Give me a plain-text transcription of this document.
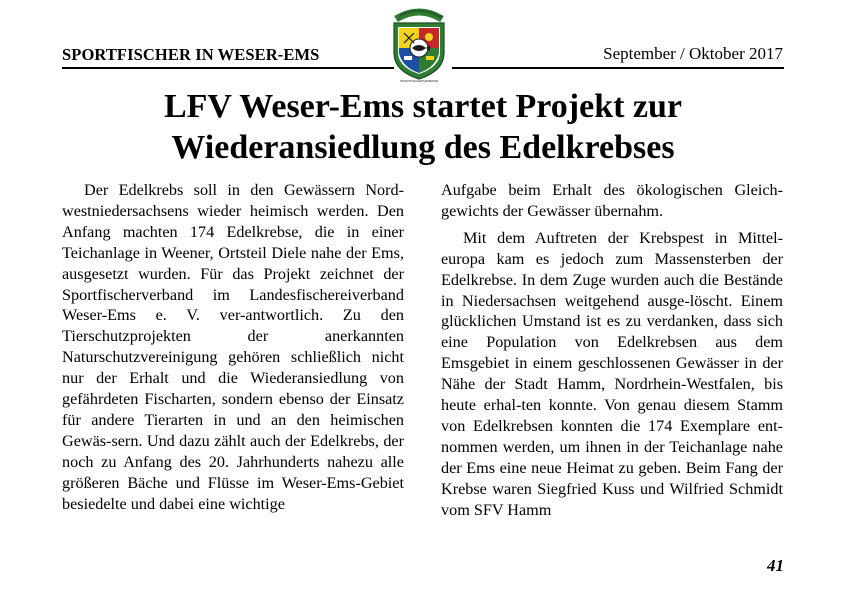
SPORTFISCHER IN WESER-EMS	September / Oktober 2017
LANDESFISCHEREIVERBAND
SPORTFISCHERVERBAND
LFV Weser-Ems startet Projekt zur
Wiederansiedlung des Edelkrebses

Der Edelkrebs soll in den Gewässern Nord-westniedersachsens wieder heimisch werden. Den Anfang machten 174 Edelkrebse, die in einer Teichanlage in Weener, Ortsteil Diele nahe der Ems, ausgesetzt wurden. Für das Projekt zeichnet der Sportfischerverband im Landesfischereiverband Weser-Ems e. V. ver-antwortlich. Zu den Tierschutzprojekten der anerkannten Naturschutzvereinigung gehören schließlich nicht nur der Erhalt und die Wiederansiedlung von gefährdeten Fischarten, sondern ebenso der Einsatz für andere Tierarten in und an den heimischen Gewäs-sern. Und dazu zählt auch der Edelkrebs, der noch zu Anfang des 20. Jahrhunderts nahezu alle größeren Bäche und Flüsse im Weser-Ems-Gebiet besiedelte und dabei eine wichtige

Aufgabe beim Erhalt des ökologischen Gleich-gewichts der Gewässer übernahm.

Mit dem Auftreten der Krebspest in Mittel-europa kam es jedoch zum Massensterben der Edelkrebse. In dem Zuge wurden auch die Bestände in Niedersachsen weitgehend ausge-löscht. Einem glücklichen Umstand ist es zu verdanken, dass sich eine Population von Edelkrebsen aus dem Emsgebiet in einem geschlossenen Gewässer in der Nähe der Stadt Hamm, Nordrhein-Westfalen, bis heute erhal-ten konnte. Von genau diesem Stamm von Edelkrebsen konnten die 174 Exemplare ent-nommen werden, um ihnen in der Teichanlage nahe der Ems eine neue Heimat zu geben. Beim Fang der Krebse waren Siegfried Kuss und Wilfried Schmidt vom SFV Hamm

41
